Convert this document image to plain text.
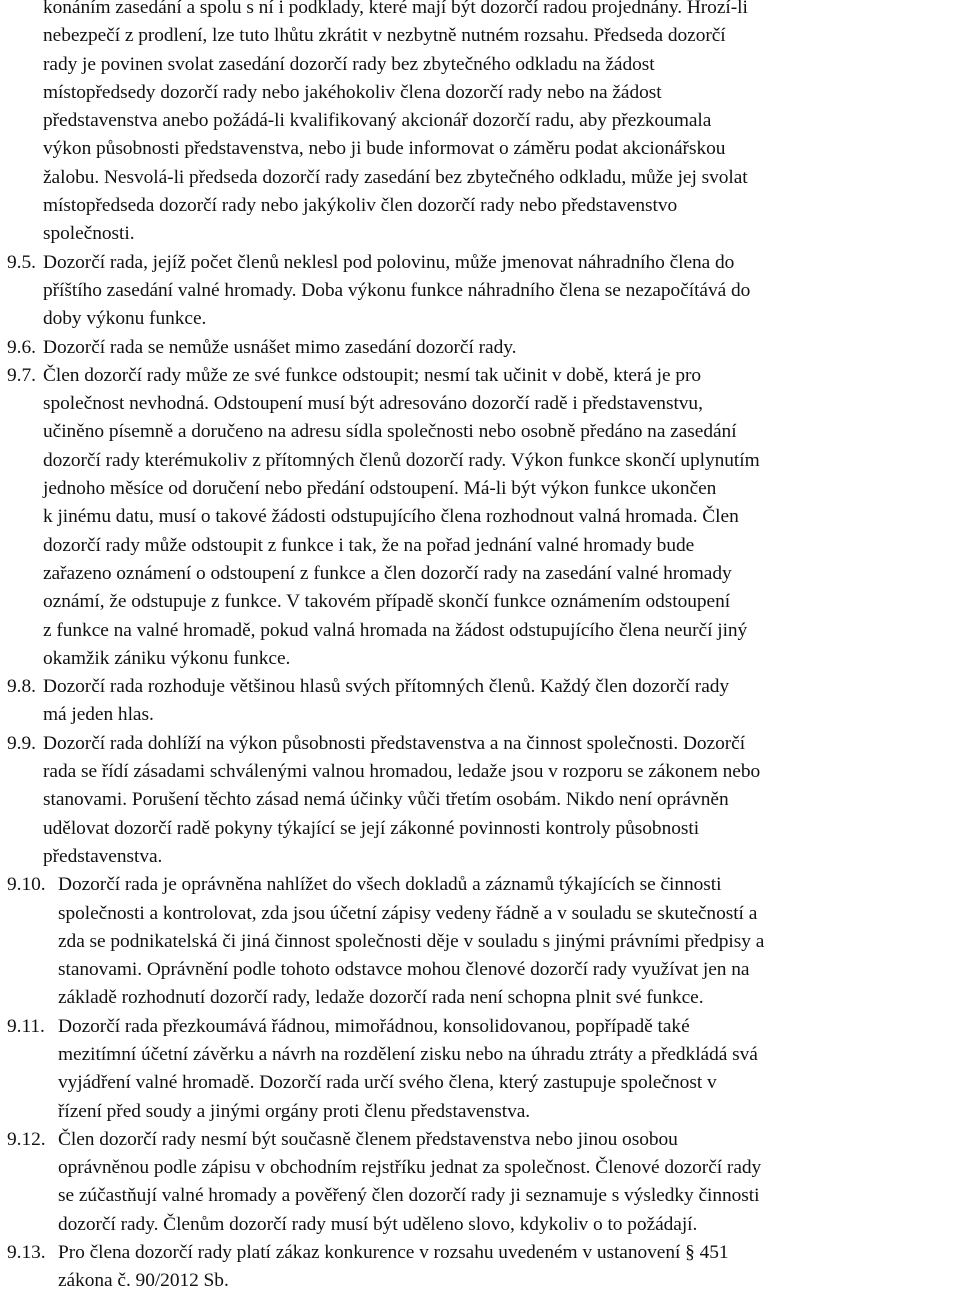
konáním zasedání a spolu s ní i podklady, které mají být dozorčí radou projednány. Hrozí-li
nebezpečí z prodlení, lze tuto lhůtu zkrátit v nezbytně nutném rozsahu. Předseda dozorčí
rady je povinen svolat zasedání dozorčí rady bez zbytečného odkladu na žádost
místopředsedy dozorčí rady nebo jakéhokoliv člena dozorčí rady nebo na žádost
představenstva anebo požádá-li kvalifikovaný akcionář dozorčí radu, aby přezkoumala
výkon působnosti představenstva, nebo ji bude informovat o záměru podat akcionářskou
žalobu. Nesvolá-li předseda dozorčí rady zasedání bez zbytečného odkladu, může jej svolat
místopředseda dozorčí rady nebo jakýkoliv člen dozorčí rady nebo představenstvo
společnosti.
9.5. Dozorčí rada, jejíž počet členů neklesl pod polovinu, může jmenovat náhradního člena do
příštího zasedání valné hromady. Doba výkonu funkce náhradního člena se nezapočítává do
doby výkonu funkce.
9.6. Dozorčí rada se nemůže usnášet mimo zasedání dozorčí rady.
9.7. Člen dozorčí rady může ze své funkce odstoupit; nesmí tak učinit v době, která je pro
společnost nevhodná. Odstoupení musí být adresováno dozorčí radě i představenstvu,
učiněno písemně a doručeno na adresu sídla společnosti nebo osobně předáno na zasedání
dozorčí rady kterémukoliv z přítomných členů dozorčí rady. Výkon funkce skončí uplynutím
jednoho měsíce od doručení nebo předání odstoupení. Má-li být výkon funkce ukončen
k jinému datu, musí o takové žádosti odstupujícího člena rozhodnout valná hromada. Člen
dozorčí rady může odstoupit z funkce i tak, že na pořad jednání valné hromady bude
zařazeno oznámení o odstoupení z funkce a člen dozorčí rady na zasedání valné hromady
oznámí, že odstupuje z funkce. V takovém případě skončí funkce oznámením odstoupení
z funkce na valné hromadě, pokud valná hromada na žádost odstupujícího člena neurčí jiný
okamžik zániku výkonu funkce.
9.8. Dozorčí rada rozhoduje většinou hlasů svých přítomných členů. Každý člen dozorčí rady
má jeden hlas.
9.9. Dozorčí rada dohlíží na výkon působnosti představenstva a na činnost společnosti. Dozorčí
rada se řídí zásadami schválenými valnou hromadou, ledaže jsou v rozporu se zákonem nebo
stanovami. Porušení těchto zásad nemá účinky vůči třetím osobám. Nikdo není oprávněn
udělovat dozorčí radě pokyny týkající se její zákonné povinnosti kontroly působnosti
představenstva.
9.10. Dozorčí rada je oprávněna nahlížet do všech dokladů a záznamů týkajících se činnosti
společnosti a kontrolovat, zda jsou účetní zápisy vedeny řádně a v souladu se skutečností a
zda se podnikatelská či jiná činnost společnosti děje v souladu s jinými právními předpisy a
stanovami. Oprávnění podle tohoto odstavce mohou členové dozorčí rady využívat jen na
základě rozhodnutí dozorčí rady, ledaže dozorčí rada není schopna plnit své funkce.
9.11. Dozorčí rada přezkoumává řádnou, mimořádnou, konsolidovanou, popřípadě také
mezitímní účetní závěrku a návrh na rozdělení zisku nebo na úhradu ztráty a předkládá svá
vyjádření valné hromadě. Dozorčí rada určí svého člena, který zastupuje společnost v
řízení před soudy a jinými orgány proti členu představenstva.
9.12. Člen dozorčí rady nesmí být současně členem představenstva nebo jinou osobou
oprávněnou podle zápisu v obchodním rejstříku jednat za společnost. Členové dozorčí rady
se zúčastňují valné hromady a pověřený člen dozorčí rady ji seznamuje s výsledky činnosti
dozorčí rady. Členům dozorčí rady musí být uděleno slovo, kdykoliv o to požádají.
9.13. Pro člena dozorčí rady platí zákaz konkurence v rozsahu uvedeném v ustanovení § 451
zákona č. 90/2012 Sb.
